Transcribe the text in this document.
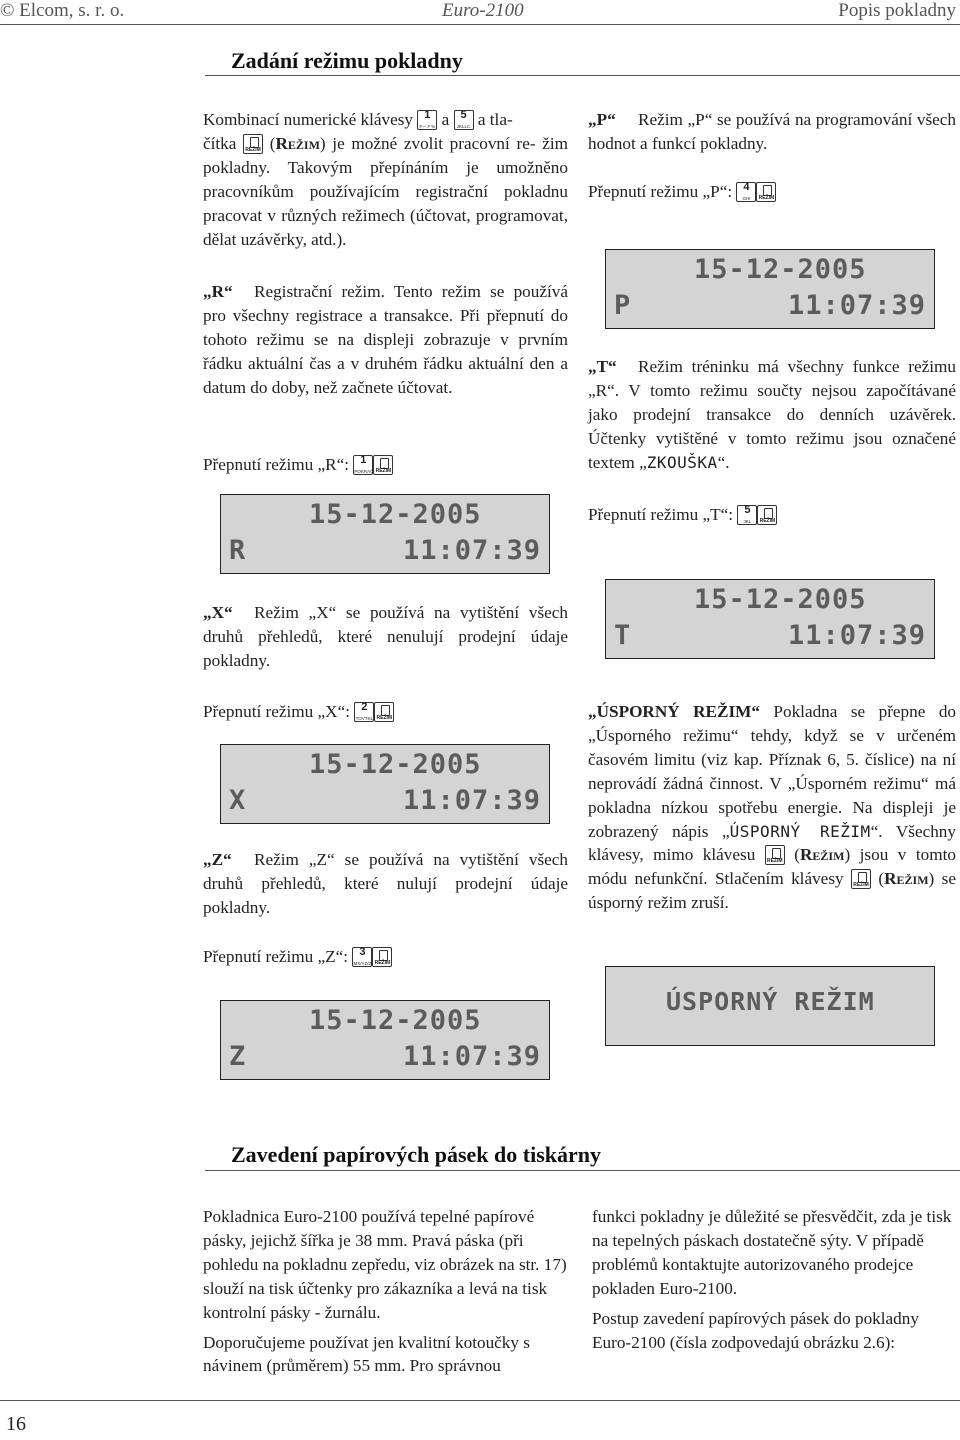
© Elcom, s. r. o.	Euro-2100	Popis pokladny
Zadání režimu pokladny
Kombinací numerické klávesy 1
F∼ # % a 5
JKLLC a tla-
čítka REŽIM (Režim) je možné zvolit pracovní re- žim pokladny. Takovým přepínáním je umožněno pracovníkům používajícím registrační pokladnu pracovat v různých režimech (účtovat, programovat, dělat uzávěrky, atd.).
„R“ Registrační režim. Tento režim se používá pro všechny registrace a transakce. Při přepnutí do tohoto režimu se na displeji zobrazuje v prvním řádku aktuální čas a v druhém řádku aktuální den a datum do doby, než začnete účtovat.
Přepnutí režimu „R“:	1
POKRAČ REŽIM
15-12-2005
R	11:07:39
„X“ Režim „X“ se používá na vytištění všech druhů přehledů, které nenulují prodejní údaje pokladny.
Přepnutí režimu „X“:	2
TOVTKL REŽIM
15-12-2005
X	11:07:39
„Z“ Režim „Z“ se používá na vytištění všech druhů přehledů, které nulují prodejní údaje pokladny.
Přepnutí režimu „Z“:	3
MX/YZ/Z REŽIM
15-12-2005
Z	11:07:39
„P“ Režim „P“ se používá na programování všech hodnot a funkcí pokladny.
Přepnutí režimu „P“:	4
GHI	REŽIM
15-12-2005
P	11:07:39
„T“ Režim tréninku má všechny funkce režimu „R“. V tomto režimu součty nejsou započítávané jako prodejní transakce do denních uzávěrek. Účtenky vytištěné v tomto režimu jsou označené textem „ZKOUŠKA“.
Přepnutí režimu „T“:	5
JKL	REŽIM
15-12-2005
T	11:07:39
„ÚSPORNÝ REŽIM“ Pokladna se přepne do „Úsporného režimu“ tehdy, když se v určeném časovém limitu (viz kap. Příznak 6, 5. číslice) na ní neprovádí žádná činnost. V „Úsporném režimu“ má pokladna nízkou spotřebu energie. Na displeji je zobrazený nápis „ÚSPORNÝ REŽIM“. Všechny klávesy, mimo klávesu REŽIM (Režim) jsou v tomto módu nefunkční. Stlačením klávesy REŽIM (Režim) se úsporný režim zruší.
ÚSPORNÝ REŽIM
Zavedení papírových pásek do tiskárny

Pokladnica Euro-2100 používá tepelné papírové pásky, jejichž šířka je 38 mm. Pravá páska (při pohledu na pokladnu zepředu, viz obrázek na str. 17) slouží na tisk účtenky pro zákazníka a levá na tisk kontrolní pásky - žurnálu.

Doporučujeme používat jen kvalitní kotoučky s návinem (průměrem) 55 mm. Pro správnou

funkci pokladny je důležité se přesvědčit, zda je tisk na tepelných páskach dostatečně sýty. V případě problémů kontaktujte autorizovaného prodejce pokladen Euro-2100.

Postup zavedení papírových pásek do pokladny Euro-2100 (čísla zodpovedajú obrázku 2.6):

16
